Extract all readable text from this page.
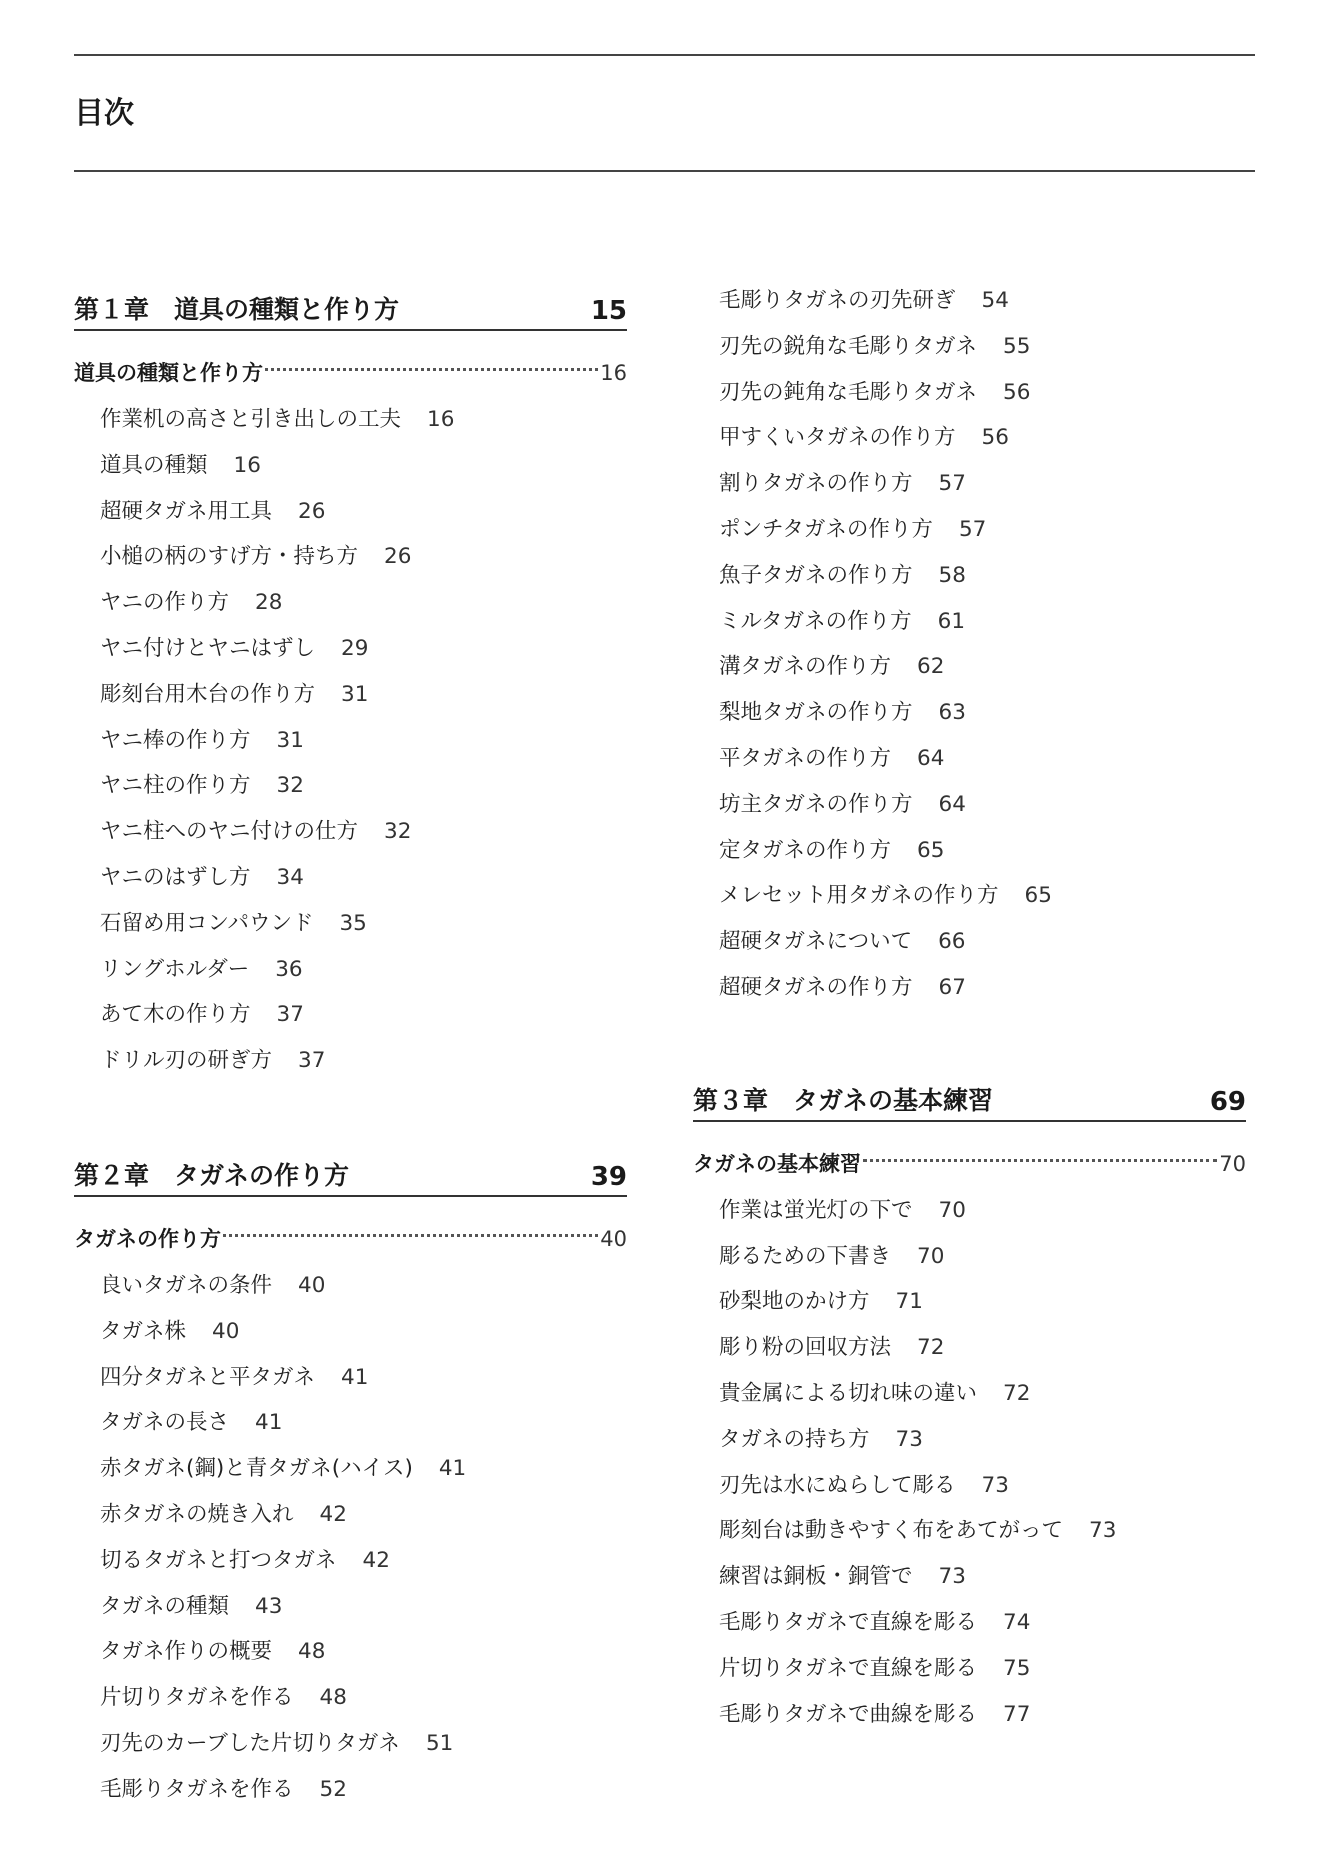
目次
第１章　道具の種類と作り方	15
道具の種類と作り方	16
作業机の高さと引き出しの工夫 16
道具の種類 16
超硬タガネ用工具 26
小槌の柄のすげ方・持ち方 26
ヤニの作り方 28
ヤニ付けとヤニはずし 29
彫刻台用木台の作り方 31
ヤニ棒の作り方 31
ヤニ柱の作り方 32
ヤニ柱へのヤニ付けの仕方 32
ヤニのはずし方 34
石留め用コンパウンド 35
リングホルダー 36
あて木の作り方 37
ドリル刃の研ぎ方 37
第２章　タガネの作り方	39
タガネの作り方	40
良いタガネの条件 40
タガネ株 40
四分タガネと平タガネ 41
タガネの長さ 41
赤タガネ(鋼)と青タガネ(ハイス) 41
赤タガネの焼き入れ 42
切るタガネと打つタガネ 42
タガネの種類 43
タガネ作りの概要 48
片切りタガネを作る 48
刃先のカーブした片切りタガネ 51
毛彫りタガネを作る 52
毛彫りタガネの刃先研ぎ 54
刃先の鋭角な毛彫りタガネ 55
刃先の鈍角な毛彫りタガネ 56
甲すくいタガネの作り方 56
割りタガネの作り方 57
ポンチタガネの作り方 57
魚子タガネの作り方 58
ミルタガネの作り方 61
溝タガネの作り方 62
梨地タガネの作り方 63
平タガネの作り方 64
坊主タガネの作り方 64
定タガネの作り方 65
メレセット用タガネの作り方 65
超硬タガネについて 66
超硬タガネの作り方 67
第３章　タガネの基本練習	69
タガネの基本練習	70
作業は蛍光灯の下で 70
彫るための下書き 70
砂梨地のかけ方 71
彫り粉の回収方法 72
貴金属による切れ味の違い 72
タガネの持ち方 73
刃先は水にぬらして彫る 73
彫刻台は動きやすく布をあてがって 73
練習は銅板・銅管で 73
毛彫りタガネで直線を彫る 74
片切りタガネで直線を彫る 75
毛彫りタガネで曲線を彫る 77
